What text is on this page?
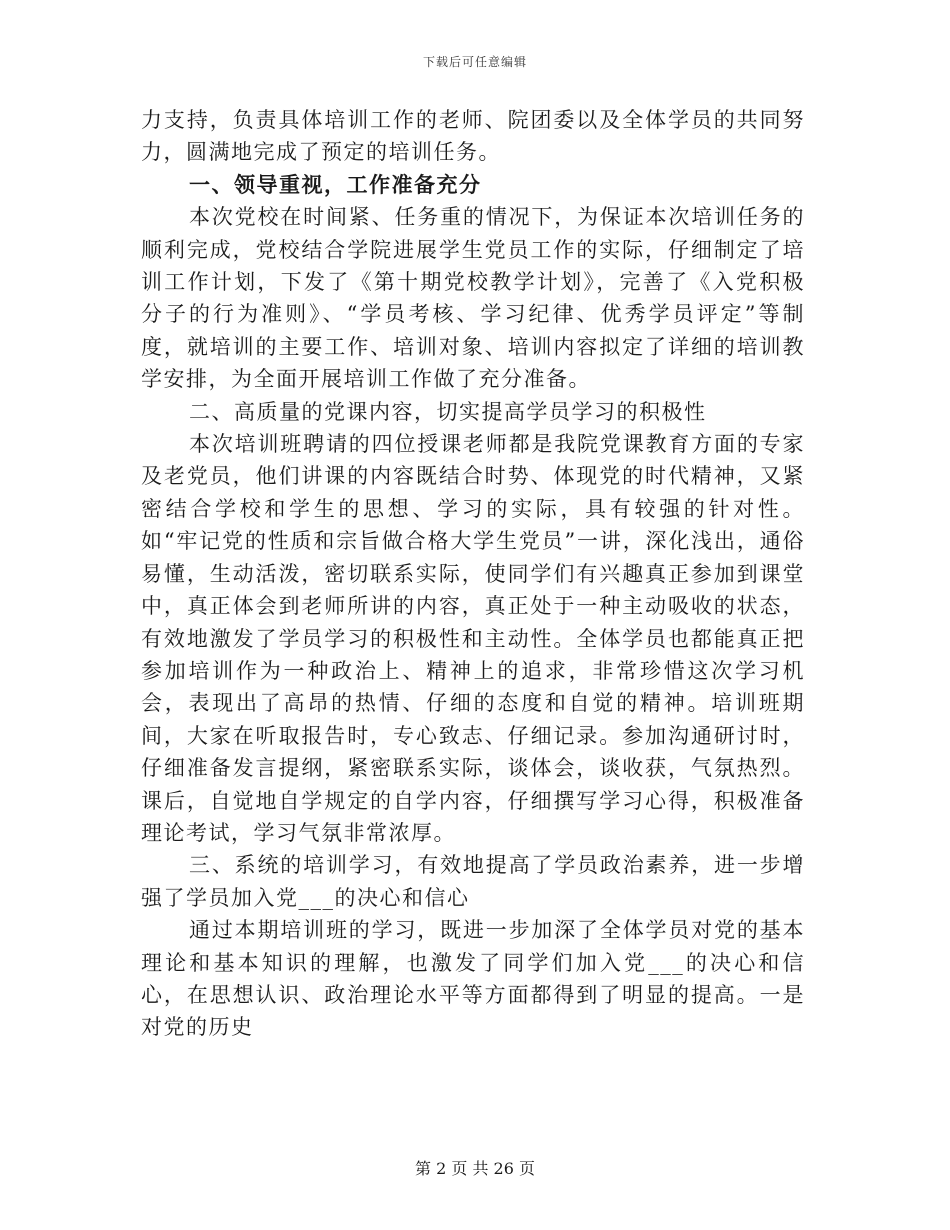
下载后可任意编辑

力支持，负责具体培训工作的老师、院团委以及全体学员的共同努力，圆满地完成了预定的培训任务。

一、领导重视，工作准备充分

本次党校在时间紧、任务重的情况下，为保证本次培训任务的顺利完成，党校结合学院进展学生党员工作的实际，仔细制定了培训工作计划，下发了《第十期党校教学计划》，完善了《入党积极分子的行为准则》、“学员考核、学习纪律、优秀学员评定”等制度，就培训的主要工作、培训对象、培训内容拟定了详细的培训教学安排，为全面开展培训工作做了充分准备。

二、高质量的党课内容，切实提高学员学习的积极性

本次培训班聘请的四位授课老师都是我院党课教育方面的专家及老党员，他们讲课的内容既结合时势、体现党的时代精神，又紧密结合学校和学生的思想、学习的实际，具有较强的针对性。如“牢记党的性质和宗旨做合格大学生党员”一讲，深化浅出，通俗易懂，生动活泼，密切联系实际，使同学们有兴趣真正参加到课堂中，真正体会到老师所讲的内容，真正处于一种主动吸收的状态，有效地激发了学员学习的积极性和主动性。全体学员也都能真正把参加培训作为一种政治上、精神上的追求，非常珍惜这次学习机会，表现出了高昂的热情、仔细的态度和自觉的精神。培训班期间，大家在听取报告时，专心致志、仔细记录。参加沟通研讨时，仔细准备发言提纲，紧密联系实际，谈体会，谈收获，气氛热烈。课后，自觉地自学规定的自学内容，仔细撰写学习心得，积极准备理论考试，学习气氛非常浓厚。

三、系统的培训学习，有效地提高了学员政治素养，进一步增强了学员加入党___的决心和信心

通过本期培训班的学习，既进一步加深了全体学员对党的基本理论和基本知识的理解，也激发了同学们加入党___的决心和信心，在思想认识、政治理论水平等方面都得到了明显的提高。一是对党的历史

第 2 页 共 26 页
